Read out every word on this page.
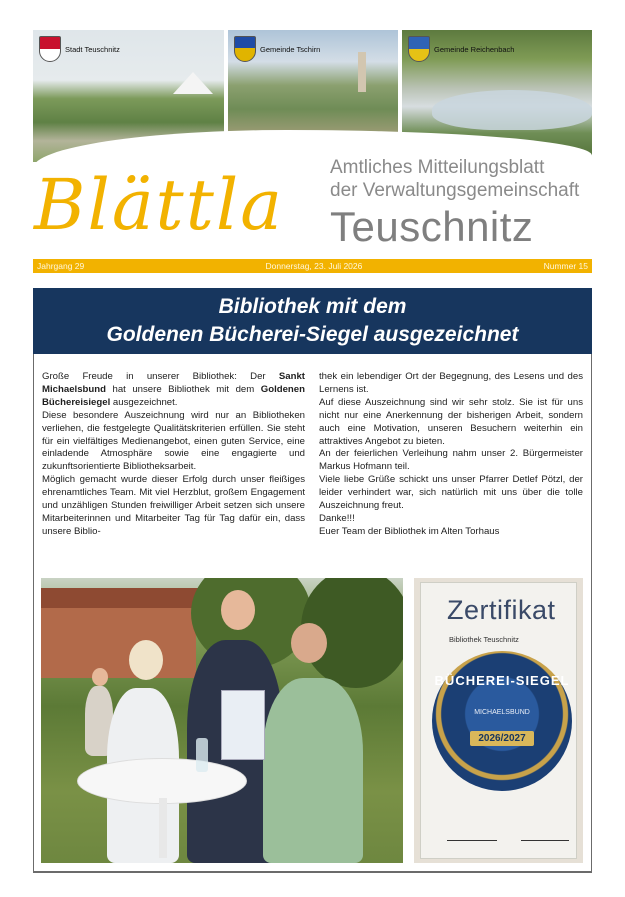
Stadt Teuschnitz	Gemeinde Tschirn	Gemeinde Reichenbach
Blättla Amtliches Mitteilungsblatt
der Verwaltungsgemeinschaft
Teuschnitz
Jahrgang 29	Donnerstag, 23. Juli 2026	Nummer 15
Bibliothek mit dem
Goldenen Bücherei-Siegel ausgezeichnet

Große Freude in unserer Bibliothek: Der Sankt Michaelsbund hat unsere Bibliothek mit dem Goldenen Büchereisiegel ausgezeichnet.

Diese besondere Auszeichnung wird nur an Bibliotheken verliehen, die festgelegte Qualitätskriterien erfüllen. Sie steht für ein vielfältiges Medienangebot, einen guten Service, eine einladende Atmosphäre sowie eine engagierte und zukunftsorientierte Bibliotheksarbeit.

Möglich gemacht wurde dieser Erfolg durch unser fleißiges ehrenamtliches Team. Mit viel Herzblut, großem Engagement und unzähligen Stunden freiwilliger Arbeit setzen sich unsere Mitarbeiterinnen und Mitarbeiter Tag für Tag dafür ein, dass unsere Biblio-

thek ein lebendiger Ort der Begegnung, des Lesens und des Lernens ist.

Auf diese Auszeichnung sind wir sehr stolz. Sie ist für uns nicht nur eine Anerkennung der bisherigen Arbeit, sondern auch eine Motivation, unseren Besuchern weiterhin ein attraktives Angebot zu bieten.

An der feierlichen Verleihung nahm unser 2. Bürgermeister Markus Hofmann teil.

Viele liebe Grüße schickt uns unser Pfarrer Detlef Pötzl, der leider verhindert war, sich natürlich mit uns über die tolle Auszeichnung freut.

Danke!!!

Euer Team der Bibliothek im Alten Torhaus

Zertifikat
Bibliothek Teuschnitz
BÜCHEREI-SIEGEL
MICHAELSBUND
2026/2027
